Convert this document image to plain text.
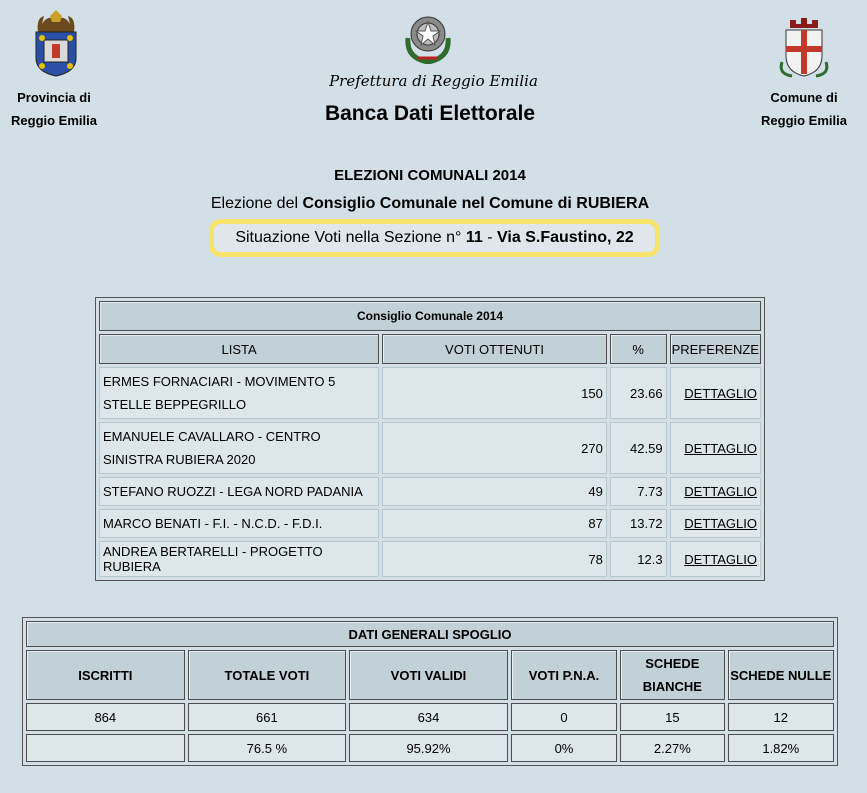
Provincia di
Reggio Emilia
Comune di
Reggio Emilia
Prefettura di Reggio Emilia
Banca Dati Elettorale
ELEZIONI COMUNALI 2014
Elezione del Consiglio Comunale nel Comune di RUBIERA
Situazione Voti nella Sezione n° 11 - Via S.Faustino, 22
Consiglio Comunale 2014			
LISTA	VOTI OTTENUTI	%	PREFERENZE
ERMES FORNACIARI - MOVIMENTO 5 STELLE BEPPEGRILLO	150	23.66	DETTAGLIO
EMANUELE CAVALLARO - CENTRO SINISTRA RUBIERA 2020	270	42.59	DETTAGLIO
STEFANO RUOZZI - LEGA NORD PADANIA	49	7.73	DETTAGLIO
MARCO BENATI - F.I. - N.C.D. - F.D.I.	87	13.72	DETTAGLIO
ANDREA BERTARELLI - PROGETTO RUBIERA	78	12.3	DETTAGLIO
DATI GENERALI SPOGLIO					
ISCRITTI	TOTALE VOTI	VOTI VALIDI	VOTI P.N.A.	SCHEDE BIANCHE	SCHEDE NULLE
864	661	634	0	15	12
	76.5 %	95.92%	0%	2.27%	1.82%
